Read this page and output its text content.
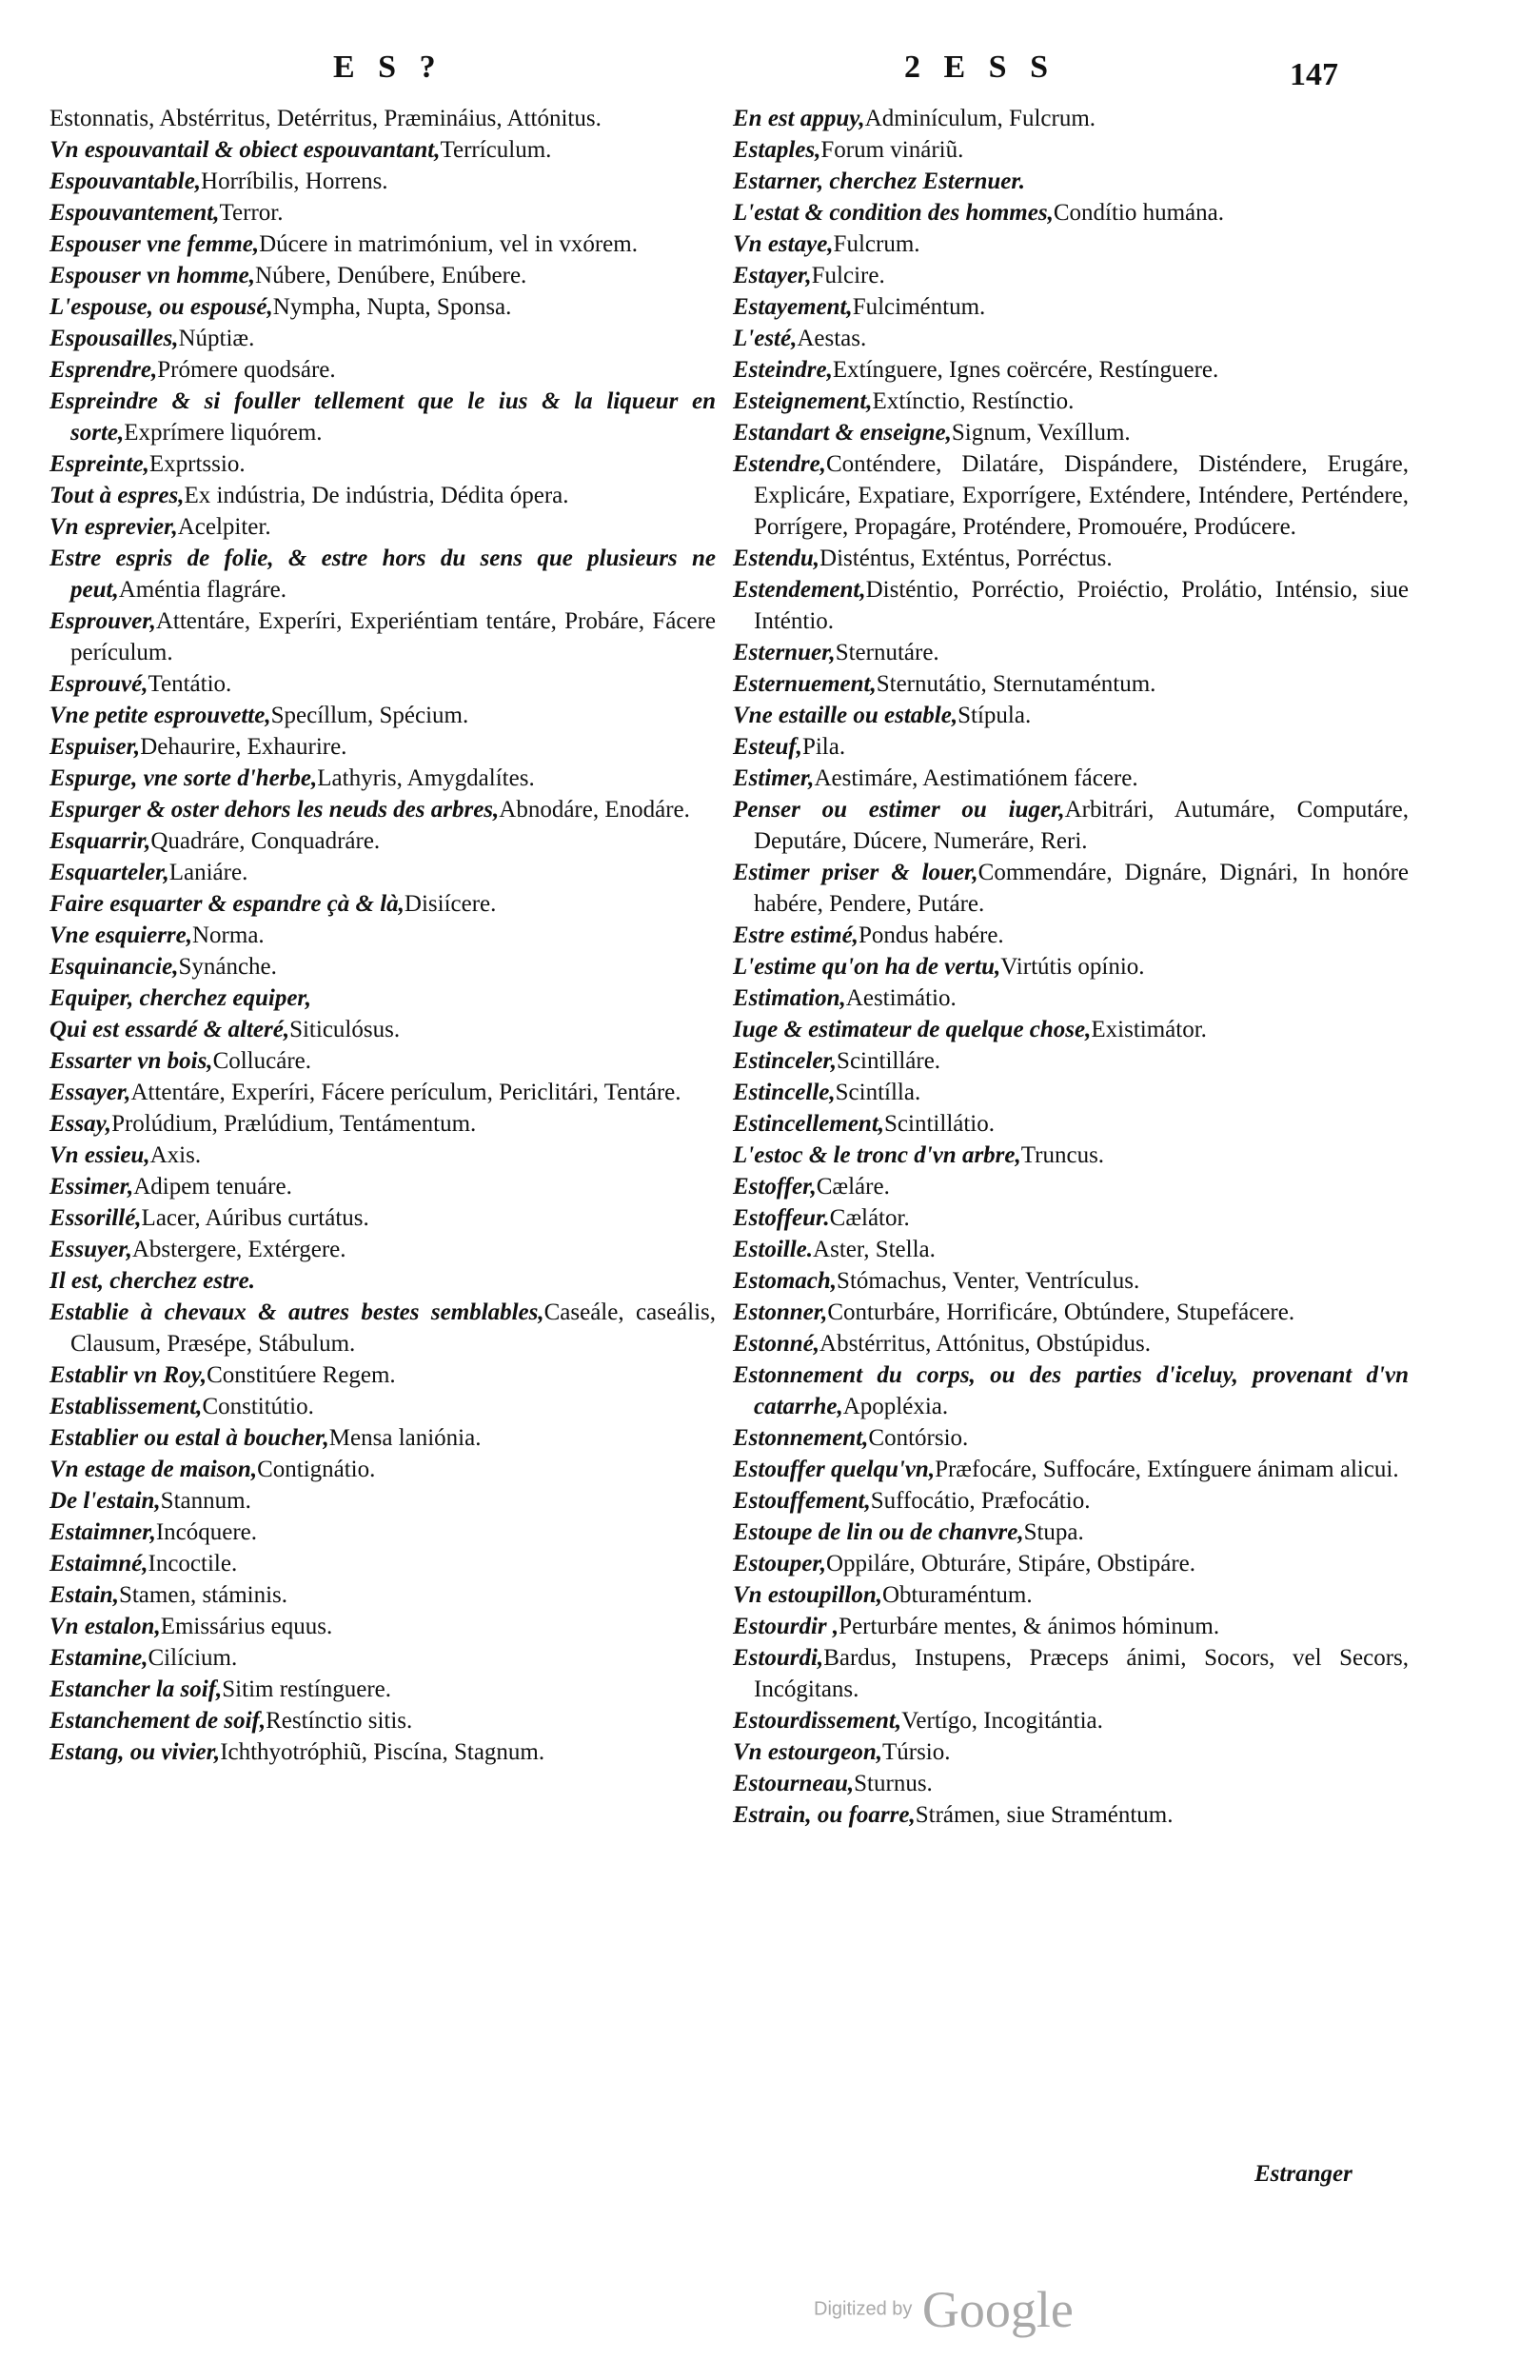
E S ?	2 E S S	147
Estonnatis, Abstérritus, Detérritus, Præmináius, Attónitus.
Vn espouvantail & obiect espouvantant,Terrículum.
Espouvantable,Horríbilis, Horrens.
Espouvantement,Terror.
Espouser vne femme,Dúcere in matrimónium, vel in vxórem.
Espouser vn homme,Núbere, Denúbere, Enúbere.
L'espouse, ou espousé,Nympha, Nupta, Sponsa.
Espousailles,Núptiæ.
Esprendre,Prómere quodsáre.
Espreindre & si fouller tellement que le ius & la liqueur en sorte,Exprímere liquórem.
Espreinte,Exprtssio.
Tout à espres,Ex indústria, De indústria, Dédita ópera.
Vn esprevier,Acelpiter.
Estre espris de folie, & estre hors du sens que plusieurs ne peut,Améntia flagráre.
Esprouver,Attentáre, Experíri, Experiéntiam tentáre, Probáre, Fácere perículum.
Esprouvé,Tentátio.
Vne petite esprouvette,Specíllum, Spécium.
Espuiser,Dehaurire, Exhaurire.
Espurge, vne sorte d'herbe,Lathyris, Amygdalítes.
Espurger & oster dehors les neuds des arbres,Abnodáre, Enodáre.
Esquarrir,Quadráre, Conquadráre.
Esquarteler,Laniáre.
Faire esquarter & espandre çà & là,Disiícere.
Vne esquierre,Norma.
Esquinancie,Synánche.
Equiper, cherchez equiper,
Qui est essardé & alteré,Siticulósus.
Essarter vn bois,Collucáre.
Essayer,Attentáre, Experíri, Fácere perículum, Periclitári, Tentáre.
Essay,Prolúdium, Prælúdium, Tentámentum.
Vn essieu,Axis.
Essimer,Adipem tenuáre.
Essorillé,Lacer, Aúribus curtátus.
Essuyer,Abstergere, Extérgere.
Il est, cherchez estre.
Establie à chevaux & autres bestes semblables,Caseále, caseális, Clausum, Præsépe, Stábulum.
Establir vn Roy,Constitúere Regem.
Establissement,Constitútio.
Establier ou estal à boucher,Mensa laniónia.
Vn estage de maison,Contignátio.
De l'estain,Stannum.
Estaimner,Incóquere.
Estaimné,Incoctile.
Estain,Stamen, stáminis.
Vn estalon,Emissárius equus.
Estamine,Cilícium.
Estancher la soif,Sitim restínguere.
Estanchement de soif,Restínctio sitis.
Estang, ou vivier,Ichthyotróphiũ, Piscína, Stagnum.
En est appuy,Adminículum, Fulcrum.
Estaples,Forum vináriũ.
Estarner, cherchez Esternuer.
L'estat & condition des hommes,Condítio humána.
Vn estaye,Fulcrum.
Estayer,Fulcire.
Estayement,Fulciméntum.
L'esté,Aestas.
Esteindre,Extínguere, Ignes coërcére, Restínguere.
Esteignement,Extínctio, Restínctio.
Estandart & enseigne,Signum, Vexíllum.
Estendre,Conténdere, Dilatáre, Dispándere, Disténdere, Erugáre, Explicáre, Expatiare, Exporrígere, Exténdere, Inténdere, Perténdere, Porrígere, Propagáre, Proténdere, Promouére, Prodúcere.
Estendu,Disténtus, Exténtus, Porréctus.
Estendement,Disténtio, Porréctio, Proiéctio, Prolátio, Inténsio, siue Inténtio.
Esternuer,Sternutáre.
Esternuement,Sternutátio, Sternutaméntum.
Vne estaille ou estable,Stípula.
Esteuf,Pila.
Estimer,Aestimáre, Aestimatiónem fácere.
Penser ou estimer ou iuger,Arbitrári, Autumáre, Computáre, Deputáre, Dúcere, Numeráre, Reri.
Estimer priser & louer,Commendáre, Dignáre, Dignári, In honóre habére, Pendere, Putáre.
Estre estimé,Pondus habére.
L'estime qu'on ha de vertu,Virtútis opínio.
Estimation,Aestimátio.
Iuge & estimateur de quelque chose,Existimátor.
Estinceler,Scintilláre.
Estincelle,Scintílla.
Estincellement,Scintillátio.
L'estoc & le tronc d'vn arbre,Truncus.
Estoffer,Cæláre.
Estoffeur.Cælátor.
Estoille.Aster, Stella.
Estomach,Stómachus, Venter, Ventrículus.
Estonner,Conturbáre, Horrificáre, Obtúndere, Stupefácere.
Estonné,Abstérritus, Attónitus, Obstúpidus.
Estonnement du corps, ou des parties d'iceluy, provenant d'vn catarrhe,Apopléxia.
Estonnement,Contórsio.
Estouffer quelqu'vn,Præfocáre, Suffocáre, Extínguere ánimam alicui.
Estouffement,Suffocátio, Præfocátio.
Estoupe de lin ou de chanvre,Stupa.
Estouper,Oppiláre, Obturáre, Stipáre, Obstipáre.
Vn estoupillon,Obturaméntum.
Estourdir ,Perturbáre mentes, & ánimos hóminum.
Estourdi,Bardus, Instupens, Præceps ánimi, Socors, vel Secors, Incógitans.
Estourdissement,Vertígo, Incogitántia.
Vn estourgeon,Túrsio.
Estourneau,Sturnus.
Estrain, ou foarre,Strámen, siue Straméntum.
Estranger
Digitized by Google
